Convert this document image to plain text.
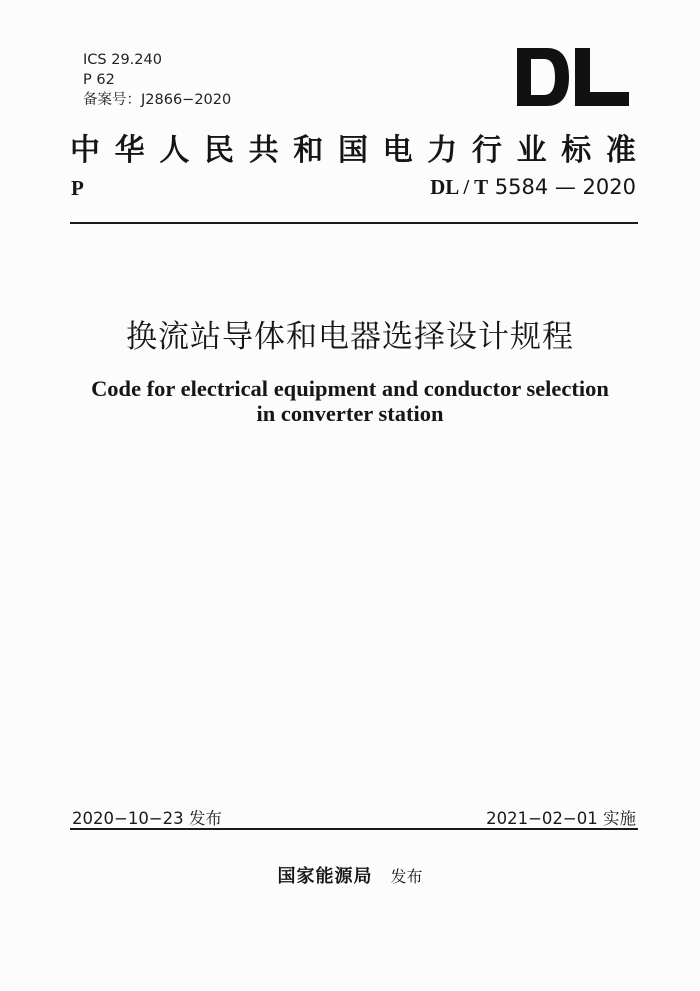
ICS 29.240
P 62
备案号：J2866−2020
中 华 人 民 共 和 国 电 力 行 业 标 准
P	DL / T 5584 — 2020
换流站导体和电器选择设计规程
Code for electrical equipment and conductor selection
in converter station
2020−10−23 发布	2021−02−01 实施
国家能源局 发布
